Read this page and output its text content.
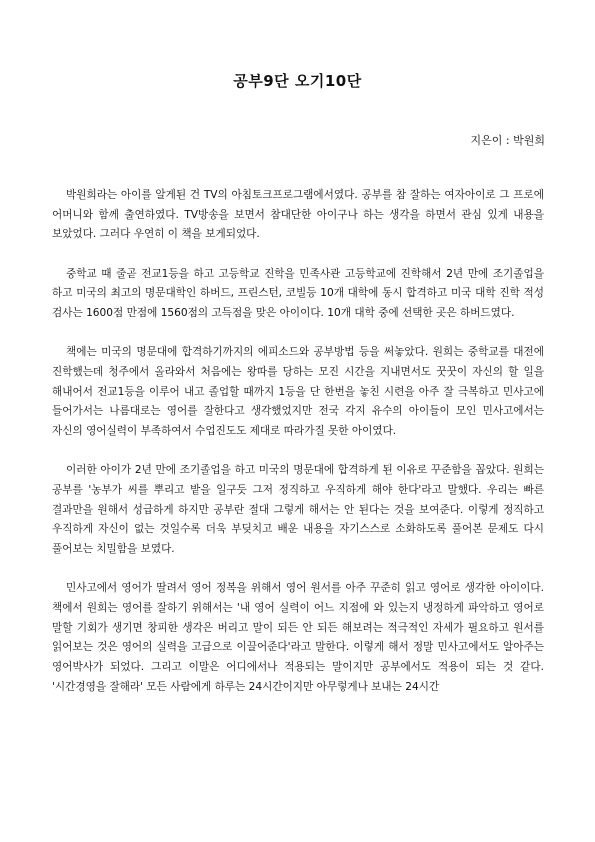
공부9단 오기10단
지은이 : 박원희

박원희라는 아이를 알게된 건 TV의 아침토크프로그램에서였다. 공부를 참 잘하는 여자아이로 그 프로에 어머니와 함께 출연하였다. TV방송을 보면서 참대단한 아이구나 하는 생각을 하면서 관심 있게 내용을 보았었다. 그러다 우연히 이 책을 보게되었다.

중학교 때 줄곧 전교1등을 하고 고등학교 진학을 민족사관 고등학교에 진학해서 2년 만에 조기졸업을 하고 미국의 최고의 명문대학인 하버드, 프린스턴, 코빌등 10개 대학에 동시 합격하고 미국 대학 진학 적성 검사는 1600점 만점에 1560점의 고득점을 맞은 아이이다. 10개 대학 중에 선택한 곳은 하버드였다.

책에는 미국의 명문대에 합격하기까지의 에피소드와 공부방법 등을 써놓았다. 원희는 중학교를 대전에 진학했는데 청주에서 올라와서 처음에는 왕따를 당하는 모진 시간을 지내면서도 꿋꿋이 자신의 할 일을 해내어서 전교1등을 이루어 내고 졸업할 때까지 1등을 단 한번을 놓친 시련을 아주 잘 극복하고 민사고에 들어가서는 나름대로는 영어를 잘한다고 생각했었지만 전국 각지 유수의 아이들이 모인 민사고에서는 자신의 영어실력이 부족하여서 수업진도도 제대로 따라가질 못한 아이였다.

이러한 아이가 2년 만에 조기졸업을 하고 미국의 명문대에 합격하게 된 이유로 꾸준함을 꼽았다. 원희는 공부를 '농부가 씨를 뿌리고 밭을 일구듯 그저 정직하고 우직하게 해야 한다'라고 말했다. 우리는 빠른 결과만을 원해서 성급하게 하지만 공부란 절대 그렇게 해서는 안 된다는 것을 보여준다. 이렇게 정직하고 우직하게 자신이 없는 것일수록 더욱 부딪치고 배운 내용을 자기스스로 소화하도록 풀어본 문제도 다시 풀어보는 치밀함을 보였다.

민사고에서 영어가 딸려서 영어 정복을 위해서 영어 원서를 아주 꾸준히 읽고 영어로 생각한 아이이다. 책에서 원희는 영어를 잘하기 위해서는 '내 영어 실력이 어느 지점에 와 있는지 냉정하게 파악하고 영어로 말할 기회가 생기면 창피한 생각은 버리고 말이 되든 안 되든 해보려는 적극적인 자세가 필요하고 원서를 읽어보는 것은 영어의 실력을 고급으로 이끌어준다'라고 말한다. 이렇게 해서 정말 민사고에서도 알아주는 영어박사가 되었다. 그리고 이말은 어디에서나 적용되는 말이지만 공부에서도 적용이 되는 것 같다. '시간경영을 잘해라' 모든 사람에게 하루는 24시간이지만 아무렇게나 보내는 24시간
